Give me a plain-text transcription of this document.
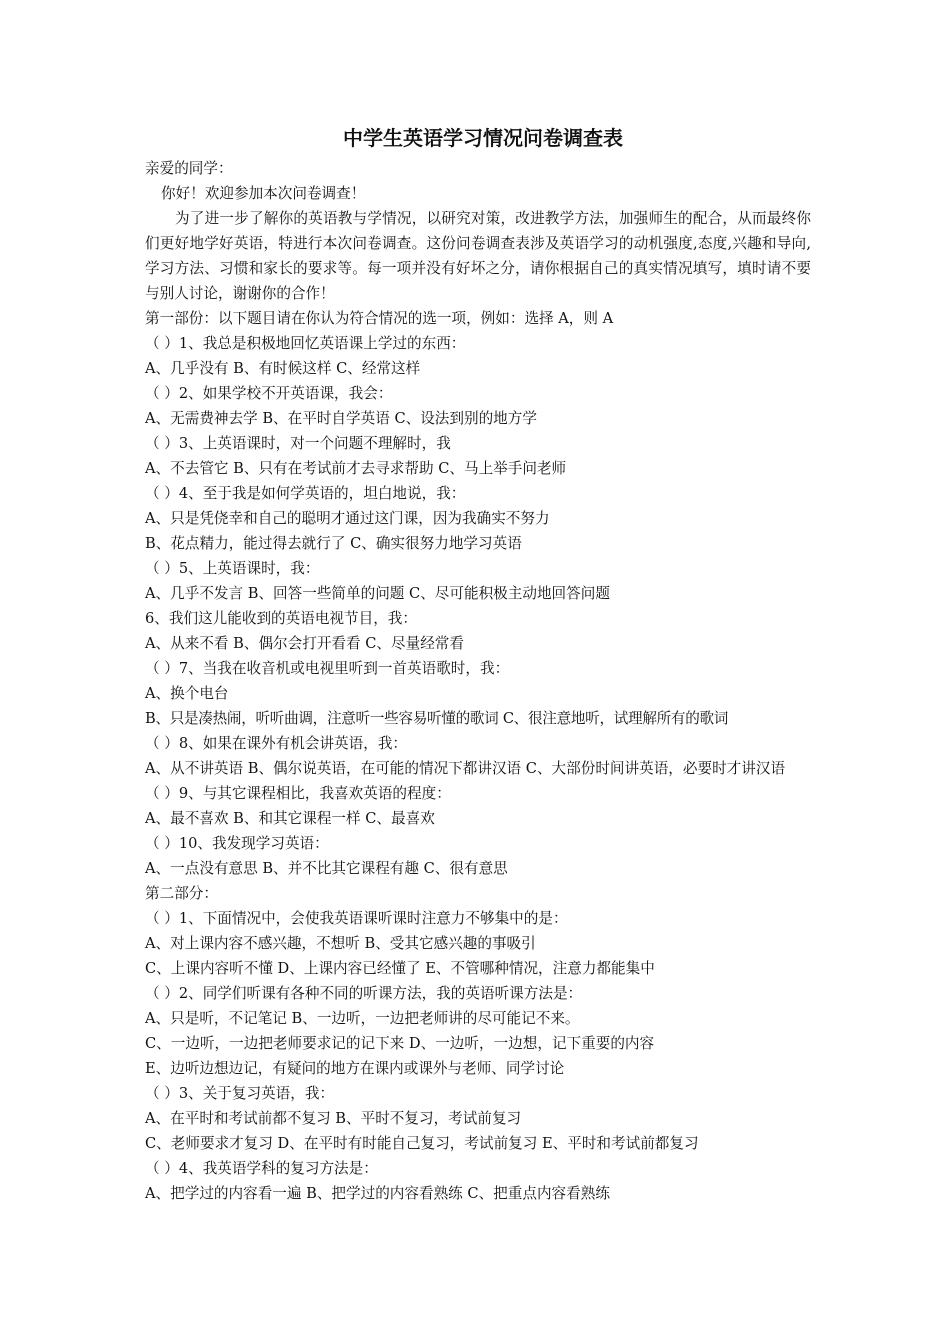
中学生英语学习情况问卷调查表

亲爱的同学：

你好！欢迎参加本次问卷调查！

为了进一步了解你的英语教与学情况，以研究对策，改进教学方法，加强师生的配合，从而最终你们更好地学好英语，特进行本次问卷调查。这份问卷调查表涉及英语学习的动机强度,态度,兴趣和导向,学习方法、习惯和家长的要求等。每一项并没有好坏之分，请你根据自己的真实情况填写，填时请不要与别人讨论，谢谢你的合作！

第一部份：以下题目请在你认为符合情况的选一项，例如：选择 A，则 A

（ ）1、我总是积极地回忆英语课上学过的东西：

A、几乎没有 B、有时候这样 C、经常这样

（ ）2、如果学校不开英语课，我会：

A、无需费神去学 B、在平时自学英语 C、设法到别的地方学

（ ）3、上英语课时，对一个问题不理解时，我

A、不去管它 B、只有在考试前才去寻求帮助 C、马上举手问老师

（ ）4、至于我是如何学英语的，坦白地说，我：

A、只是凭侥幸和自己的聪明才通过这门课，因为我确实不努力

B、花点精力，能过得去就行了 C、确实很努力地学习英语

（ ）5、上英语课时，我：

A、几乎不发言 B、回答一些简单的问题 C、尽可能积极主动地回答问题

6、我们这儿能收到的英语电视节目，我：

A、从来不看 B、偶尔会打开看看 C、尽量经常看

（ ）7、当我在收音机或电视里听到一首英语歌时，我：

A、换个电台

B、只是凑热闹，听听曲调，注意听一些容易听懂的歌词 C、很注意地听，试理解所有的歌词

（ ）8、如果在课外有机会讲英语，我：

A、从不讲英语 B、偶尔说英语，在可能的情况下都讲汉语 C、大部份时间讲英语，必要时才讲汉语

（ ）9、与其它课程相比，我喜欢英语的程度：

A、最不喜欢 B、和其它课程一样 C、最喜欢

（ ）10、我发现学习英语：

A、一点没有意思 B、并不比其它课程有趣 C、很有意思

第二部分：

（ ）1、下面情况中，会使我英语课听课时注意力不够集中的是：

A、对上课内容不感兴趣，不想听 B、受其它感兴趣的事吸引

C、上课内容听不懂 D、上课内容已经懂了 E、不管哪种情况，注意力都能集中

（ ）2、同学们听课有各种不同的听课方法，我的英语听课方法是：

A、只是听，不记笔记 B、一边听，一边把老师讲的尽可能记不来。

C、一边听，一边把老师要求记的记下来 D、一边听，一边想，记下重要的内容

E、边听边想边记，有疑问的地方在课内或课外与老师、同学讨论

（ ）3、关于复习英语，我：

A、在平时和考试前都不复习 B、平时不复习，考试前复习

C、老师要求才复习 D、在平时有时能自己复习，考试前复习 E、平时和考试前都复习

（ ）4、我英语学科的复习方法是：

A、把学过的内容看一遍 B、把学过的内容看熟练 C、把重点内容看熟练
